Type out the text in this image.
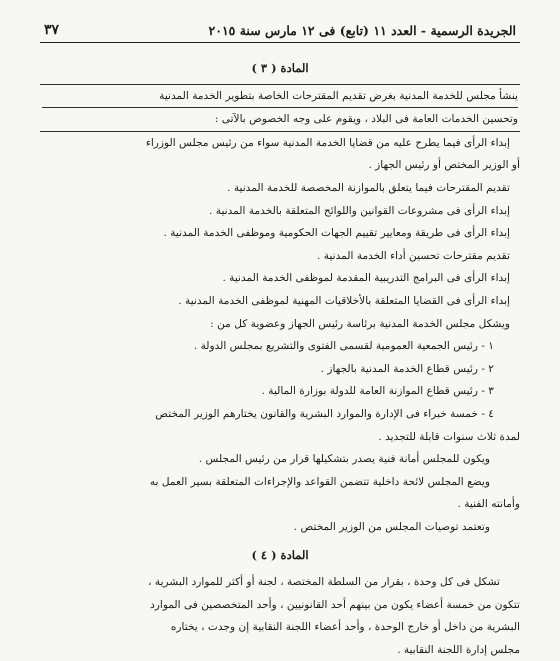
الجريدة الرسمية - العدد ١١ (تابع) فى ١٢ مارس سنة ٢٠١٥
٣٧
المادة ( ٣ )
ينشأ مجلس للخدمة المدنية بغرض تقديم المقترحات الخاصة بتطوير الخدمة المدنية
وتحسين الخدمات العامة فى البلاد ، ويقوم على وجه الخصوص بالآتى :
إبداء الرأى فيما يطرح عليه من قضايا الخدمة المدنية سواء من رئيس مجلس الوزراء
أو الوزير المختص أو رئيس الجهاز .
تقديم المقترحات فيما يتعلق بالموازنة المخصصة للخدمة المدنية .
إبداء الرأى فى مشروعات القوانين واللوائح المتعلقة بالخدمة المدنية .
إبداء الرأى فى طريقة ومعايير تقييم الجهات الحكومية وموظفى الخدمة المدنية .
تقديم مقترحات تحسين أداء الخدمة المدنية .
إبداء الرأى فى البرامج التدريبية المقدمة لموظفى الخدمة المدنية .
إبداء الرأى فى القضايا المتعلقة بالأخلاقيات المهنية لموظفى الخدمة المدنية .
ويشكل مجلس الخدمة المدنية برئاسة رئيس الجهاز وعضوية كل من :
١ - رئيس الجمعية العمومية لقسمى الفتوى والتشريع بمجلس الدولة .
٢ - رئيس قطاع الخدمة المدنية بالجهاز .
٣ - رئيس قطاع الموازنة العامة للدولة بوزارة المالية .
٤ - خمسة خبراء فى الإدارة والموارد البشرية والقانون يختارهم الوزير المختص
لمدة ثلاث سنوات قابلة للتجديد .
ويكون للمجلس أمانة فنية يصدر بتشكيلها قرار من رئيس المجلس .
ويضع المجلس لائحة داخلية تتضمن القواعد والإجراءات المتعلقة بسير العمل به
وأمانته الفنية .
وتعتمد توصيات المجلس من الوزير المختص .
المادة ( ٤ )
تشكل فى كل وحدة ، بقرار من السلطة المختصة ، لجنة أو أكثر للموارد البشرية ،
تتكون من خمسة أعضاء يكون من بينهم أحد القانونيين ، وأحد المتخصصين فى الموارد
البشرية من داخل أو خارج الوحدة ، وأحد أعضاء اللجنة النقابية إن وجدت ، يختاره
مجلس إدارة اللجنة النقابية .
